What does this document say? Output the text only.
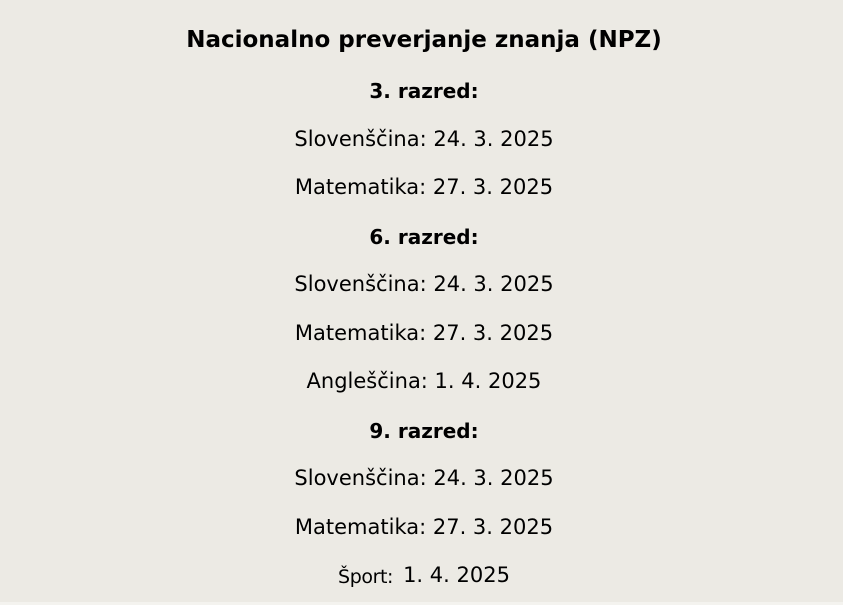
Nacionalno preverjanje znanja (NPZ)
3. razred:
Slovenščina: 24. 3. 2025
Matematika: 27. 3. 2025
6. razred:
Slovenščina: 24. 3. 2025
Matematika: 27. 3. 2025
Angleščina: 1. 4. 2025
9. razred:
Slovenščina: 24. 3. 2025
Matematika: 27. 3. 2025
Šport: 1. 4. 2025
